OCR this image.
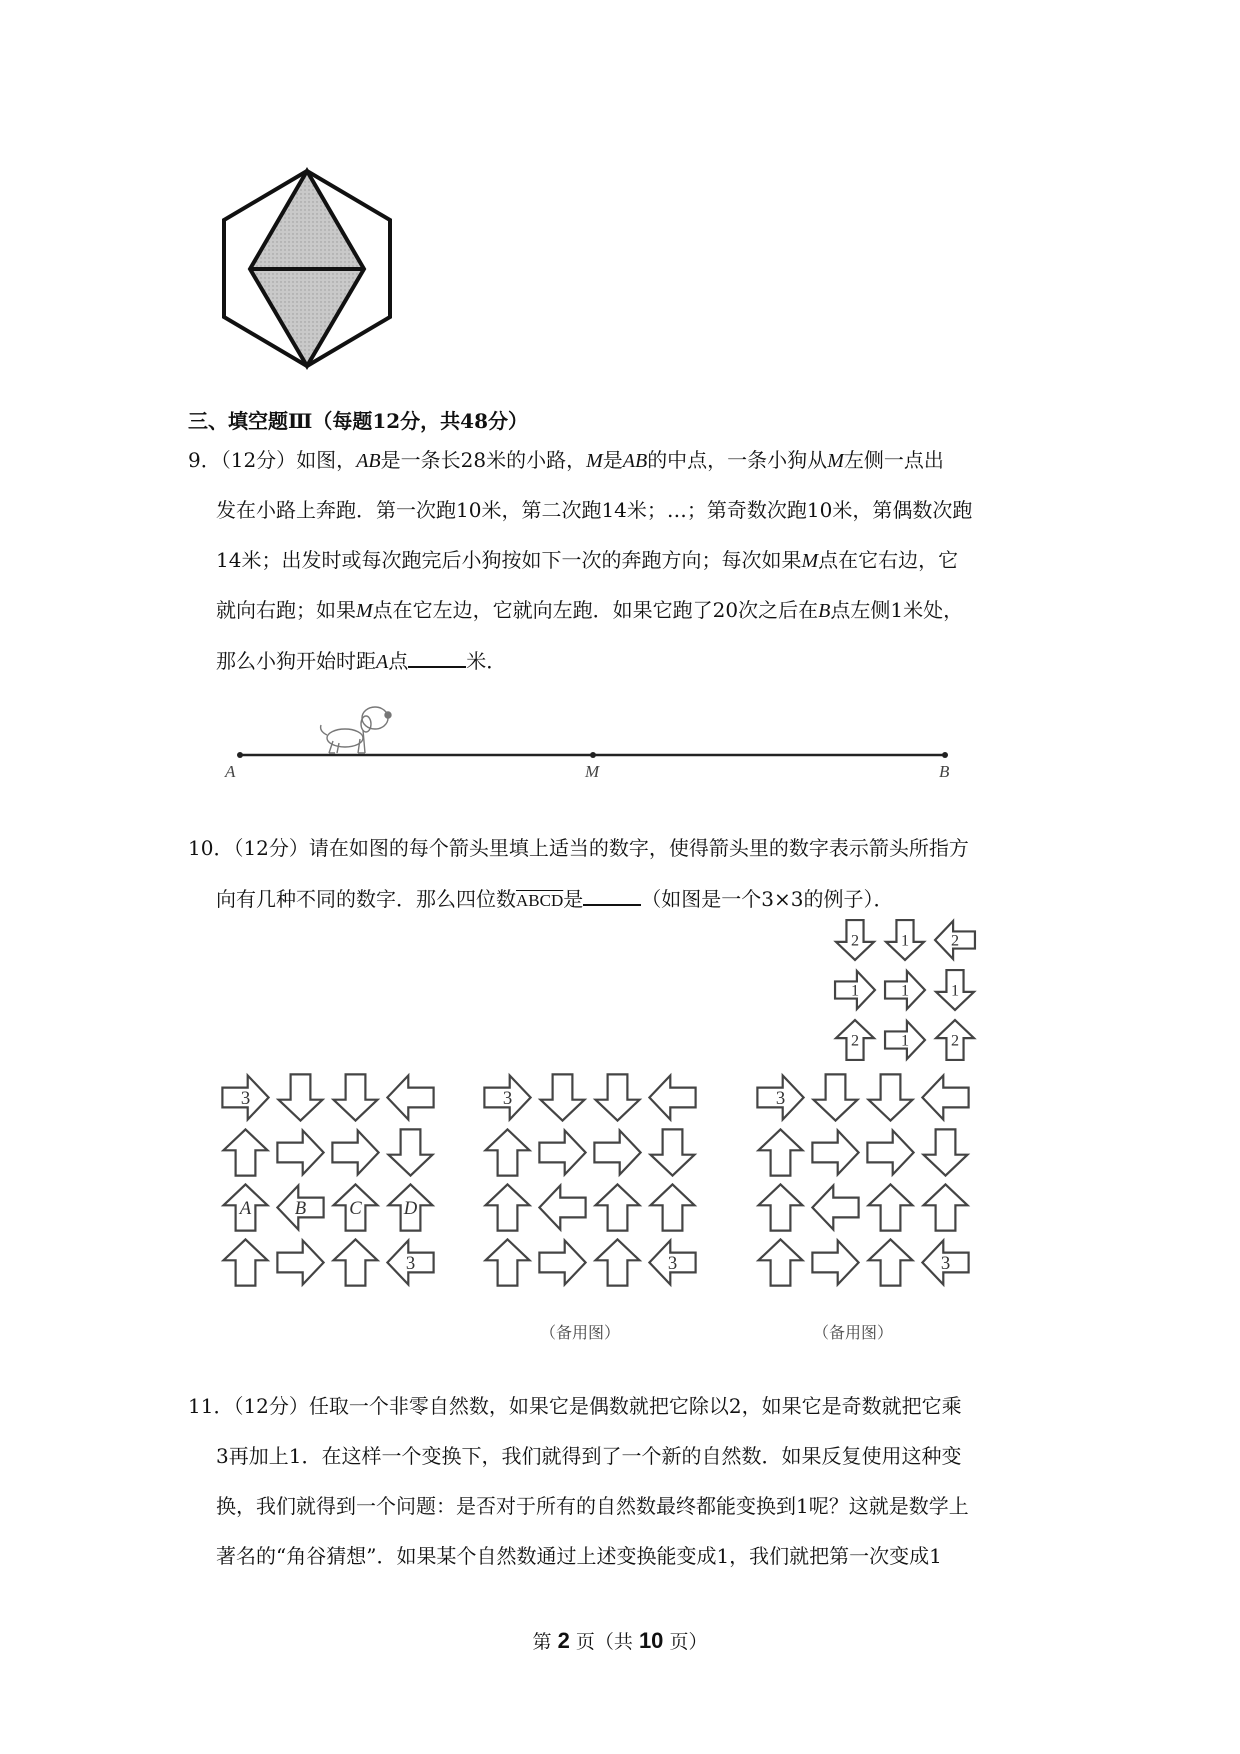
三、填空题Ⅲ（每题12分，共48分）
9．（12分）如图，AB是一条长28米的小路，M是AB的中点，一条小狗从M左侧一点出
发在小路上奔跑．第一次跑10米，第二次跑14米；…；第奇数次跑10米，第偶数次跑
14米；出发时或每次跑完后小狗按如下一次的奔跑方向；每次如果M点在它右边，它
就向右跑；如果M点在它左边，它就向左跑．如果它跑了20次之后在B点左侧1米处，
那么小狗开始时距A点	米．
A	M	B
10．（12分）请在如图的每个箭头里填上适当的数字，使得箭头里的数字表示箭头所指方
向有几种不同的数字．那么四位数ABCD是	（如图是一个3×3的例子）．
2	1	2
1	1	1
2	1	2
3
A B C D
3
3
3
3
3
（备用图）	（备用图）
11．（12分）任取一个非零自然数，如果它是偶数就把它除以2，如果它是奇数就把它乘
3再加上1．在这样一个变换下，我们就得到了一个新的自然数．如果反复使用这种变
换，我们就得到一个问题：是否对于所有的自然数最终都能变换到1呢？这就是数学上
著名的“角谷猜想”．如果某个自然数通过上述变换能变成1，我们就把第一次变成1
第 2 页（共 10 页）
